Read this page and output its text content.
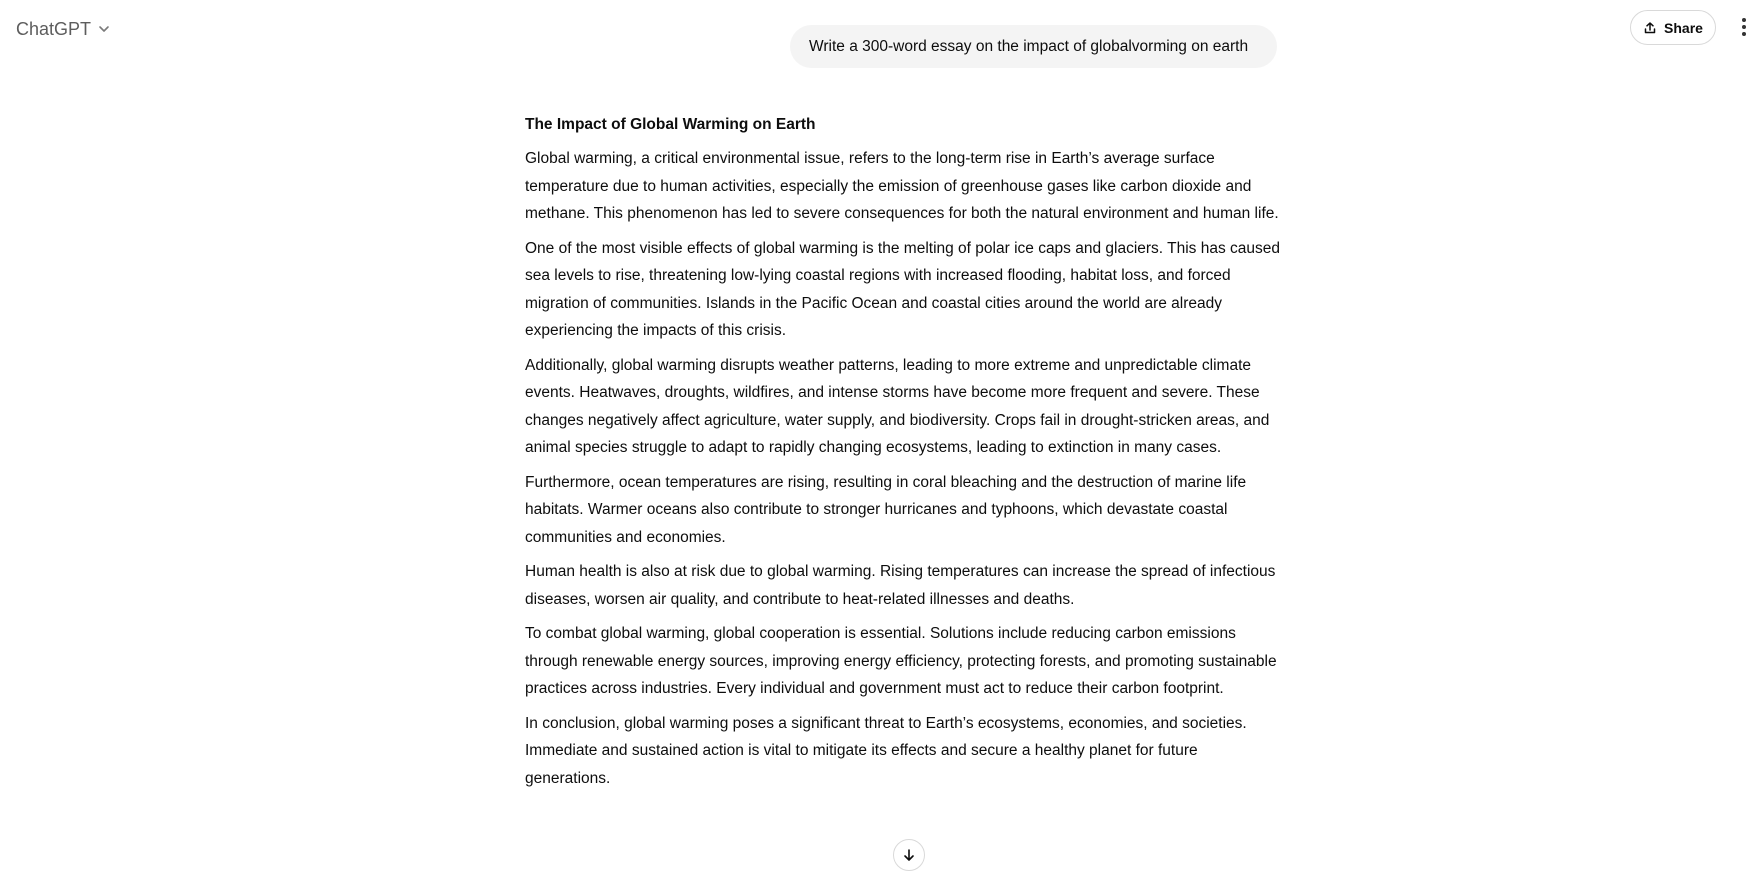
ChatGPT	Share
Write a 300-word essay on the impact of globalvorming on earth
The Impact of Global Warming on Earth

Global warming, a critical environmental issue, refers to the long-term rise in Earth’s average surface temperature due to human activities, especially the emission of greenhouse gases like carbon dioxide and methane. This phenomenon has led to severe consequences for both the natural environment and human life.

One of the most visible effects of global warming is the melting of polar ice caps and glaciers. This has caused sea levels to rise, threatening low-lying coastal regions with increased flooding, habitat loss, and forced migration of communities. Islands in the Pacific Ocean and coastal cities around the world are already experiencing the impacts of this crisis.

Additionally, global warming disrupts weather patterns, leading to more extreme and unpredictable climate events. Heatwaves, droughts, wildfires, and intense storms have become more frequent and severe. These changes negatively affect agriculture, water supply, and biodiversity. Crops fail in drought-stricken areas, and animal species struggle to adapt to rapidly changing ecosystems, leading to extinction in many cases.

Furthermore, ocean temperatures are rising, resulting in coral bleaching and the destruction of marine life habitats. Warmer oceans also contribute to stronger hurricanes and typhoons, which devastate coastal communities and economies.

Human health is also at risk due to global warming. Rising temperatures can increase the spread of infectious diseases, worsen air quality, and contribute to heat-related illnesses and deaths.

To combat global warming, global cooperation is essential. Solutions include reducing carbon emissions through renewable energy sources, improving energy efficiency, protecting forests, and promoting sustainable practices across industries. Every individual and government must act to reduce their carbon footprint.

In conclusion, global warming poses a significant threat to Earth’s ecosystems, economies, and societies. Immediate and sustained action is vital to mitigate its effects and secure a healthy planet for future generations.
